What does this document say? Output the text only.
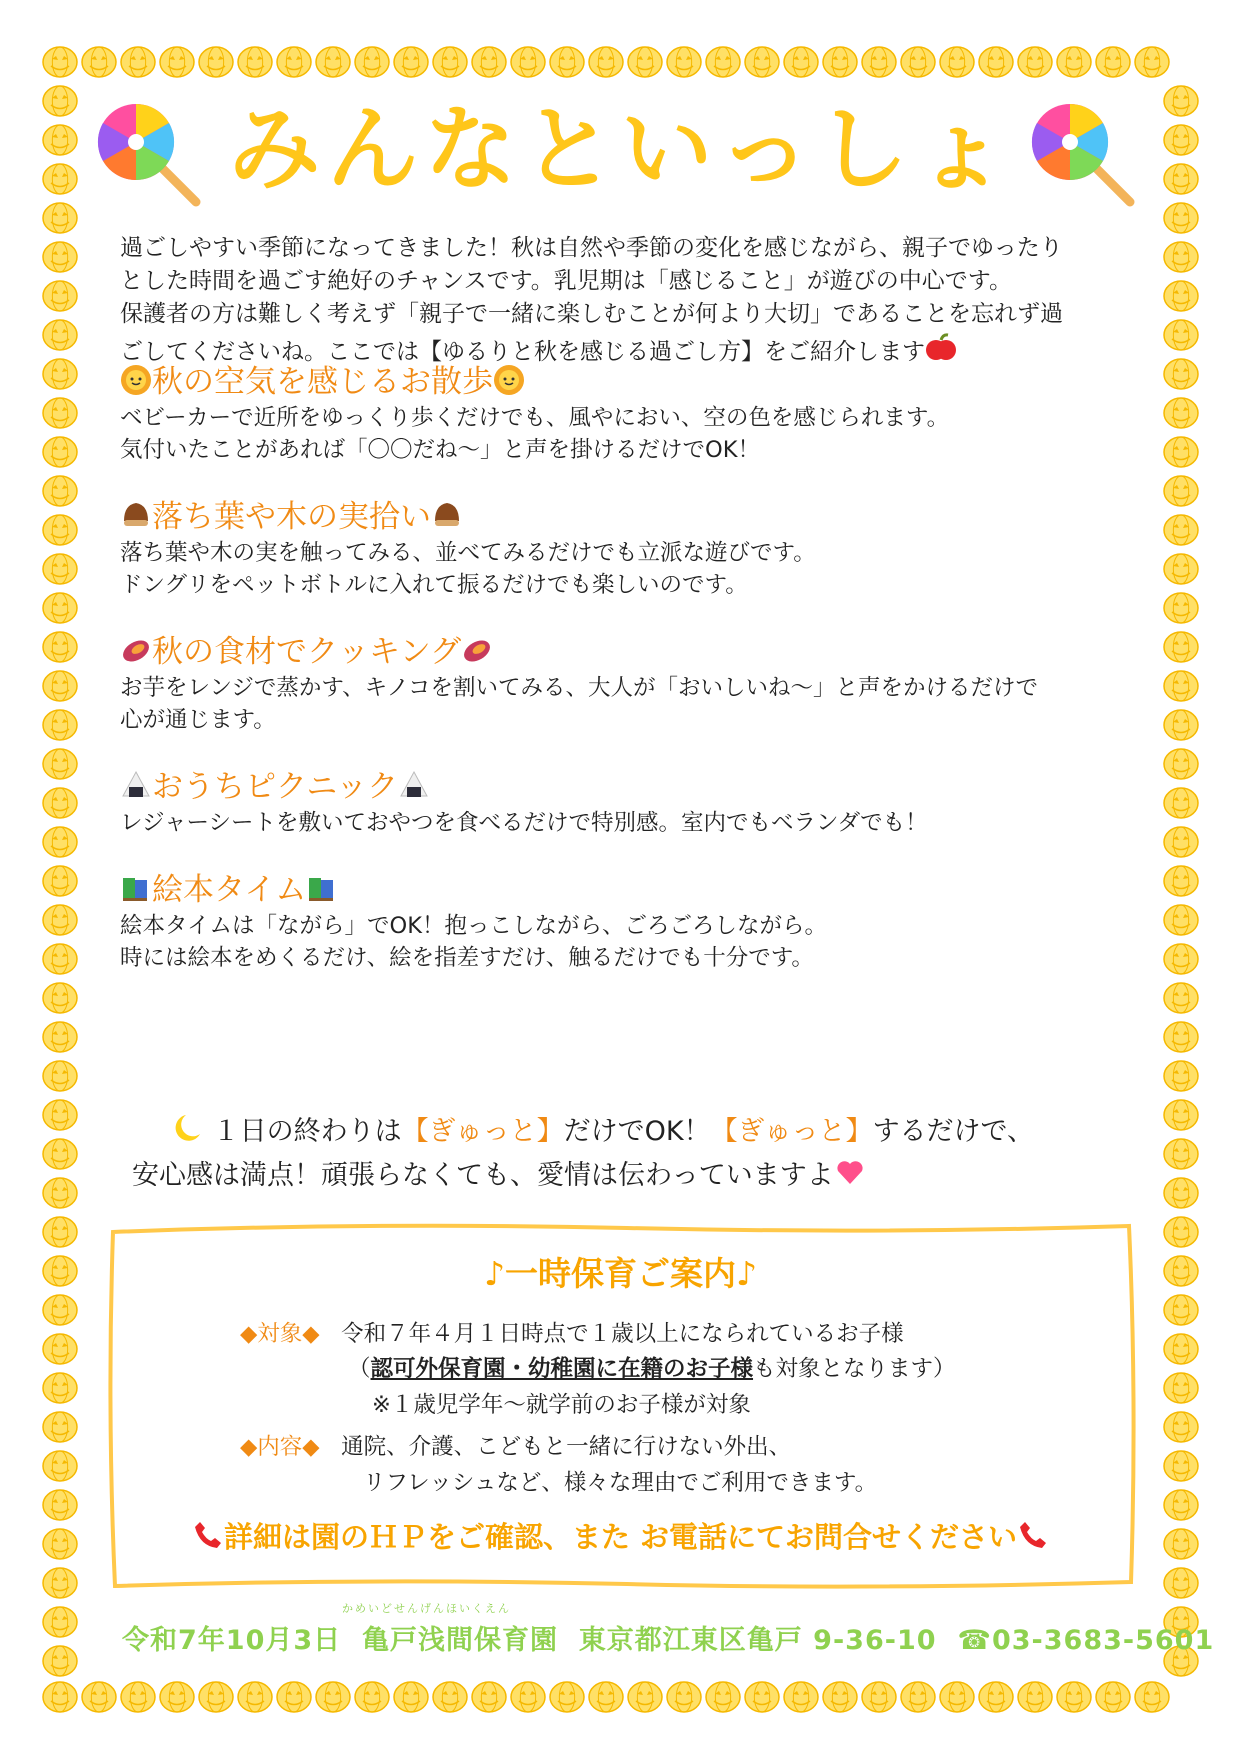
みんなといっしょ
過ごしやすい季節になってきました！秋は自然や季節の変化を感じながら、親子でゆったり
とした時間を過ごす絶好のチャンスです。乳児期は「感じること」が遊びの中心です。
保護者の方は難しく考えず「親子で一緒に楽しむことが何より大切」であることを忘れず過
ごしてくださいね。ここでは【ゆるりと秋を感じる過ごし方】をご紹介します
秋の空気を感じるお散歩
ベビーカーで近所をゆっくり歩くだけでも、風やにおい、空の色を感じられます。
気付いたことがあれば「〇〇だね～」と声を掛けるだけでOK！
落ち葉や木の実拾い
落ち葉や木の実を触ってみる、並べてみるだけでも立派な遊びです。
ドングリをペットボトルに入れて振るだけでも楽しいのです。
秋の食材でクッキング
お芋をレンジで蒸かす、キノコを割いてみる、大人が「おいしいね～」と声をかけるだけで
心が通じます。
おうちピクニック
レジャーシートを敷いておやつを食べるだけで特別感。室内でもベランダでも！
絵本タイム
絵本タイムは「ながら」でOK！抱っこしながら、ごろごろしながら。
時には絵本をめくるだけ、絵を指差すだけ、触るだけでも十分です。
１日の終わりは【ぎゅっと】だけでOK！【ぎゅっと】するだけで、
安心感は満点！頑張らなくても、愛情は伝わっていますよ
♪一時保育ご案内♪
◆対象◆ 令和７年４月１日時点で１歳以上になられているお子様
（認可外保育園・幼稚園に在籍のお子様も対象となります）
※１歳児学年～就学前のお子様が対象
◆内容◆ 通院、介護、こどもと一緒に行けない外出、
リフレッシュなど、様々な理由でご利用できます。
詳細は園のＨＰをご確認、また お電話にてお問合せください
かめいどせんげんほいくえん
令和7年10月3日 亀戸浅間保育園 東京都江東区亀戸 9-36-10 ☎03-3683-5601
